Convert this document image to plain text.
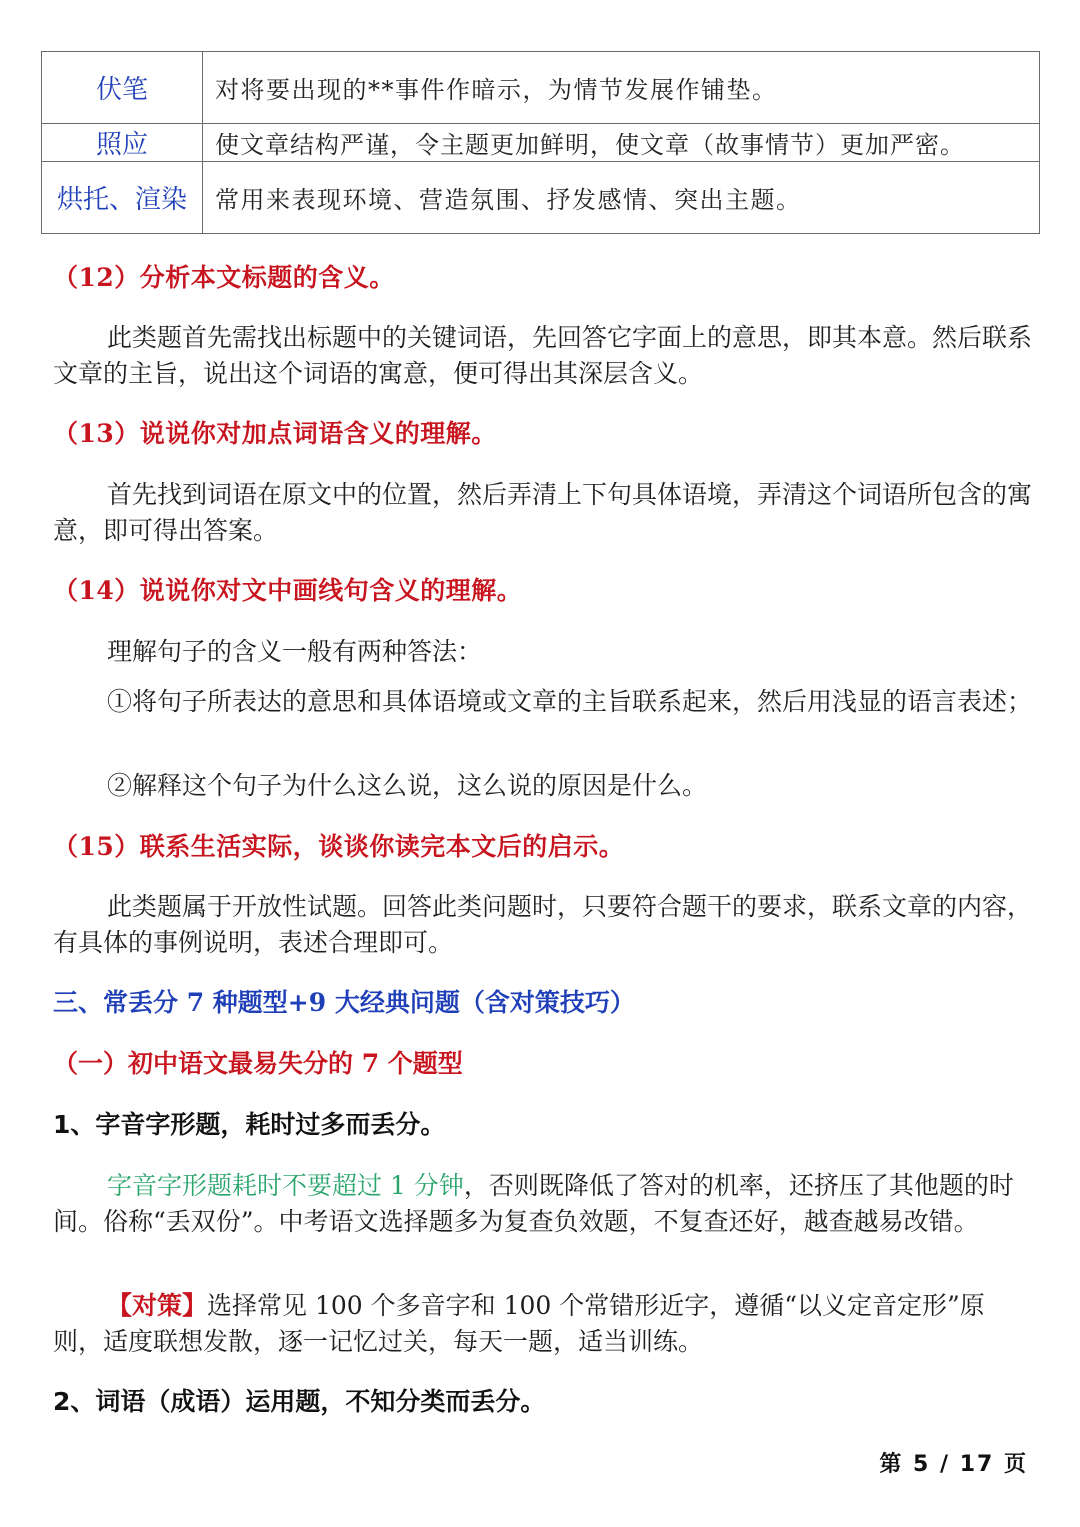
伏笔	对将要出现的**事件作暗示，为情节发展作铺垫。
照应	使文章结构严谨，令主题更加鲜明，使文章（故事情节）更加严密。
烘托、渲染	常用来表现环境、营造氛围、抒发感情、突出主题。

（12）分析本文标题的含义。

此类题首先需找出标题中的关键词语，先回答它字面上的意思，即其本意。然后联系文章的主旨，说出这个词语的寓意，便可得出其深层含义。

（13）说说你对加点词语含义的理解。

首先找到词语在原文中的位置，然后弄清上下句具体语境，弄清这个词语所包含的寓意，即可得出答案。

（14）说说你对文中画线句含义的理解。

理解句子的含义一般有两种答法：

①将句子所表达的意思和具体语境或文章的主旨联系起来，然后用浅显的语言表述；

②解释这个句子为什么这么说，这么说的原因是什么。

（15）联系生活实际，谈谈你读完本文后的启示。

此类题属于开放性试题。回答此类问题时，只要符合题干的要求，联系文章的内容，有具体的事例说明，表述合理即可。

三、常丢分 7 种题型+9 大经典问题（含对策技巧）

（一）初中语文最易失分的 7 个题型

1、字音字形题，耗时过多而丢分。

字音字形题耗时不要超过 1 分钟，否则既降低了答对的机率，还挤压了其他题的时间。俗称“丢双份”。中考语文选择题多为复查负效题，不复查还好，越查越易改错。

【对策】选择常见 100 个多音字和 100 个常错形近字，遵循“以义定音定形”原则，适度联想发散，逐一记忆过关，每天一题，适当训练。

2、词语（成语）运用题，不知分类而丢分。

第 5 / 17 页
